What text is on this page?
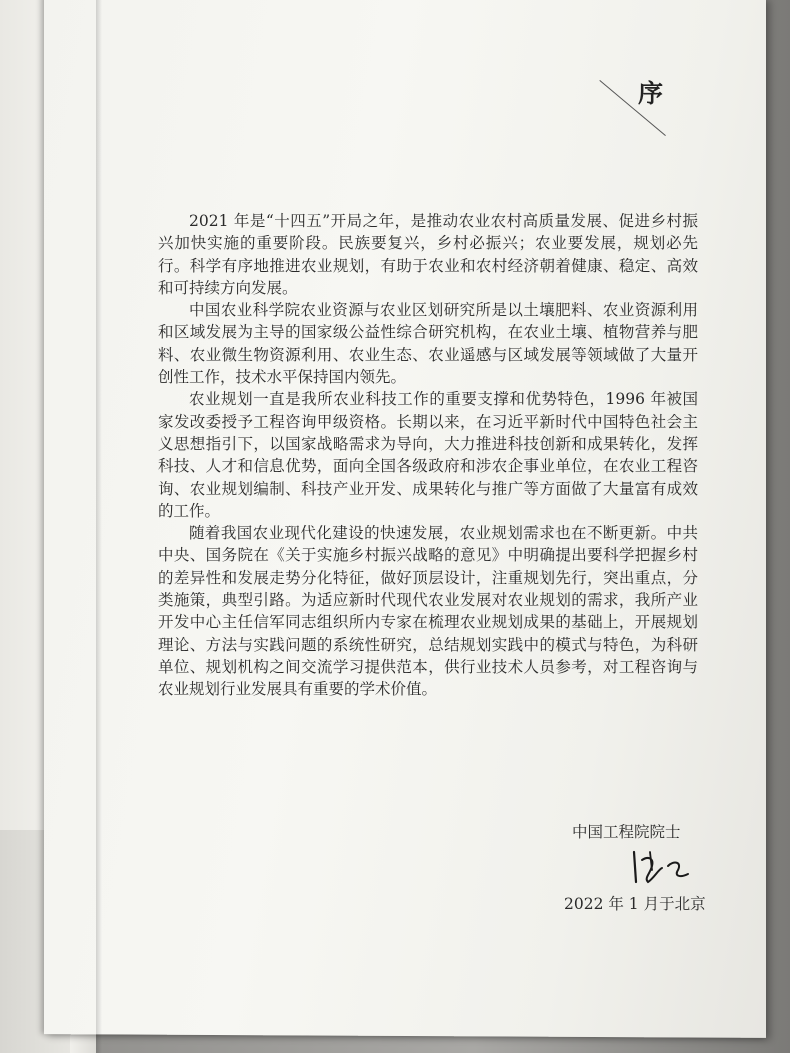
序

2021 年是“十四五”开局之年，是推动农业农村高质量发展、促进乡村振兴加快实施的重要阶段。民族要复兴，乡村必振兴；农业要发展，规划必先行。科学有序地推进农业规划，有助于农业和农村经济朝着健康、稳定、高效和可持续方向发展。

中国农业科学院农业资源与农业区划研究所是以土壤肥料、农业资源利用和区域发展为主导的国家级公益性综合研究机构，在农业土壤、植物营养与肥料、农业微生物资源利用、农业生态、农业遥感与区域发展等领域做了大量开创性工作，技术水平保持国内领先。

农业规划一直是我所农业科技工作的重要支撑和优势特色，1996 年被国家发改委授予工程咨询甲级资格。长期以来，在习近平新时代中国特色社会主义思想指引下，以国家战略需求为导向，大力推进科技创新和成果转化，发挥科技、人才和信息优势，面向全国各级政府和涉农企事业单位，在农业工程咨询、农业规划编制、科技产业开发、成果转化与推广等方面做了大量富有成效的工作。

随着我国农业现代化建设的快速发展，农业规划需求也在不断更新。中共中央、国务院在《关于实施乡村振兴战略的意见》中明确提出要科学把握乡村的差异性和发展走势分化特征，做好顶层设计，注重规划先行，突出重点，分类施策，典型引路。为适应新时代现代农业发展对农业规划的需求，我所产业开发中心主任信军同志组织所内专家在梳理农业规划成果的基础上，开展规划理论、方法与实践问题的系统性研究，总结规划实践中的模式与特色，为科研单位、规划机构之间交流学习提供范本，供行业技术人员参考，对工程咨询与农业规划行业发展具有重要的学术价值。

中国工程院院士
2022 年 1 月于北京
